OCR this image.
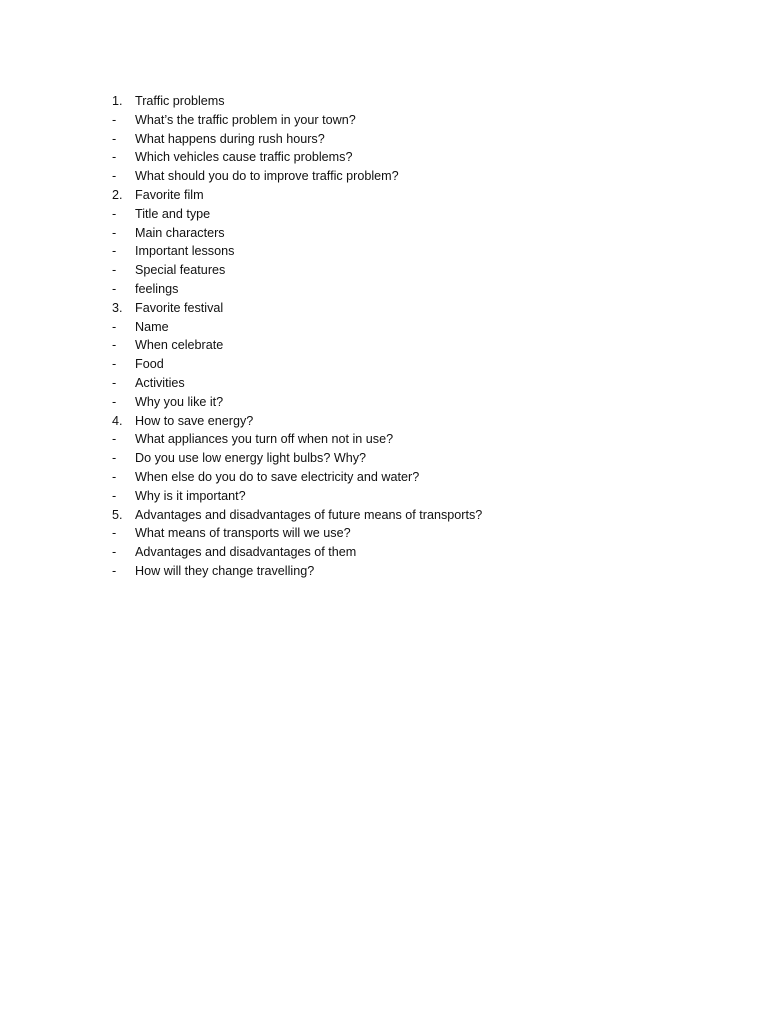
1. Traffic problems
-	What’s the traffic problem in your town?
-	What happens during rush hours?
-	Which vehicles cause traffic problems?
-	What should you do to improve traffic problem?
2. Favorite film
-	Title and type
-	Main characters
-	Important lessons
-	Special features
-	feelings
3. Favorite festival
-	Name
-	When celebrate
-	Food
-	Activities
-	Why you like it?
4. How to save energy?
-	What appliances you turn off when not in use?
-	Do you use low energy light bulbs? Why?
-	When else do you do to save electricity and water?
-	Why is it important?
5. Advantages and disadvantages of future means of transports?
-	What means of transports will we use?
-	Advantages and disadvantages of them
-	How will they change travelling?
